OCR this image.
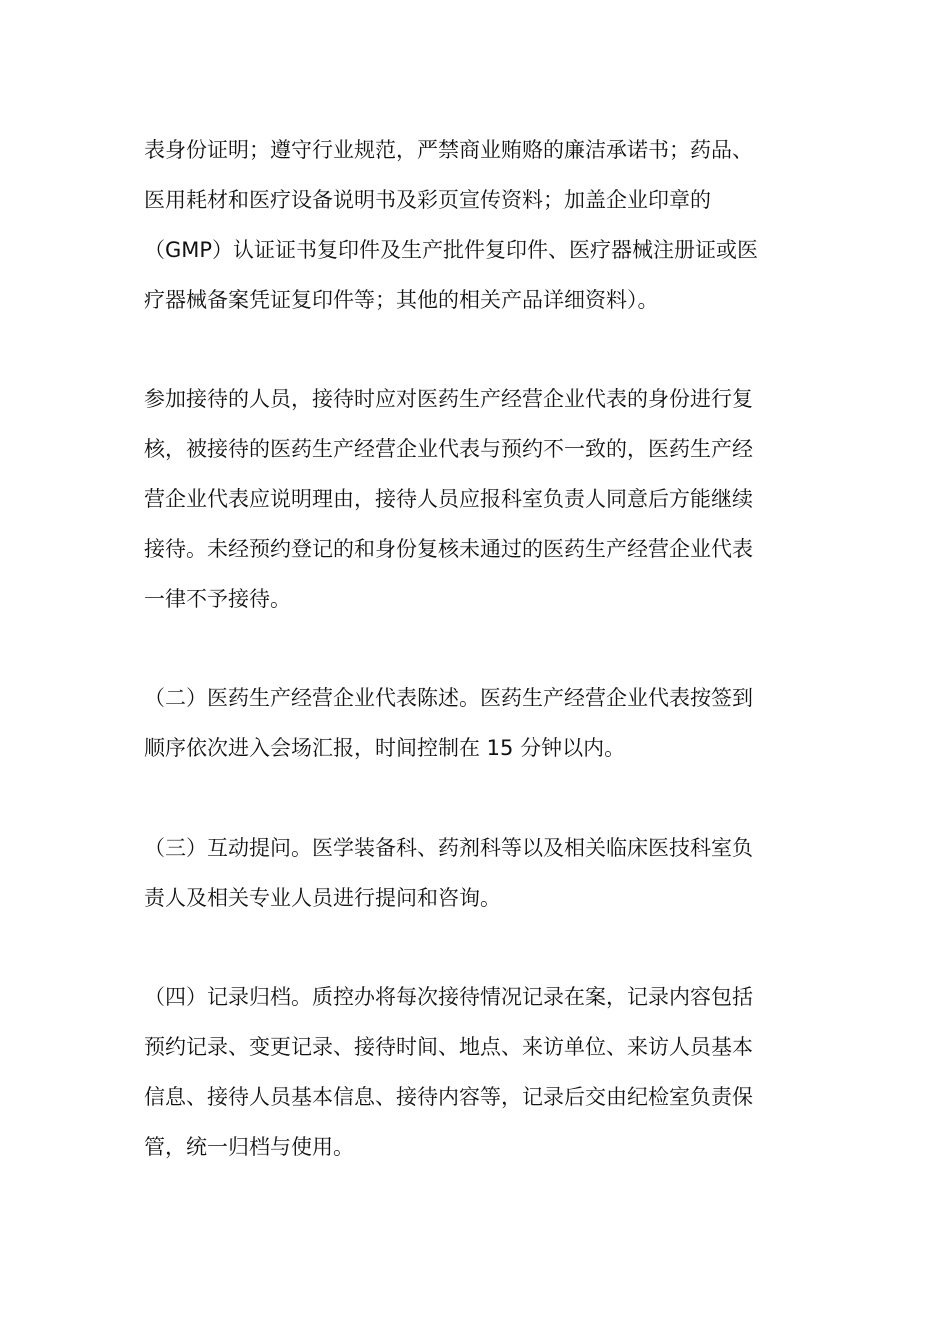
表身份证明；遵守行业规范，严禁商业贿赂的廉洁承诺书；药品、
医用耗材和医疗设备说明书及彩页宣传资料；加盖企业印章的
（GMP）认证证书复印件及生产批件复印件、医疗器械注册证或医
疗器械备案凭证复印件等；其他的相关产品详细资料）。

参加接待的人员，接待时应对医药生产经营企业代表的身份进行复
核，被接待的医药生产经营企业代表与预约不一致的，医药生产经
营企业代表应说明理由，接待人员应报科室负责人同意后方能继续
接待。未经预约登记的和身份复核未通过的医药生产经营企业代表
一律不予接待。

（二）医药生产经营企业代表陈述。医药生产经营企业代表按签到
顺序依次进入会场汇报，时间控制在 15 分钟以内。

（三）互动提问。医学装备科、药剂科等以及相关临床医技科室负
责人及相关专业人员进行提问和咨询。

（四）记录归档。质控办将每次接待情况记录在案，记录内容包括
预约记录、变更记录、接待时间、地点、来访单位、来访人员基本
信息、接待人员基本信息、接待内容等，记录后交由纪检室负责保
管，统一归档与使用。
